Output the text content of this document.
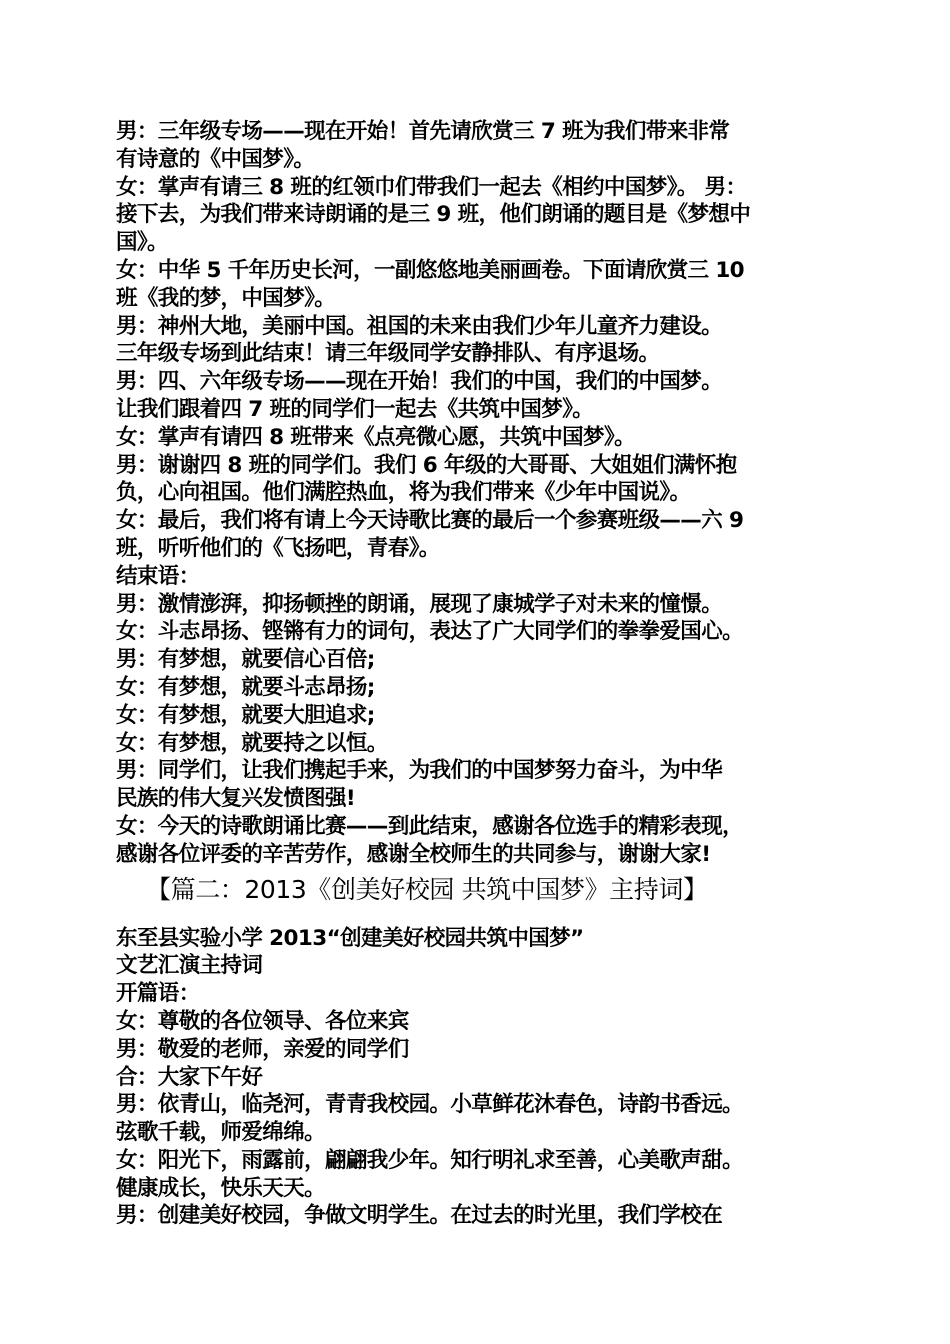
男：三年级专场——现在开始！首先请欣赏三 7 班为我们带来非常
有诗意的《中国梦》。
女：掌声有请三 8 班的红领巾们带我们一起去《相约中国梦》。 男：
接下去，为我们带来诗朗诵的是三 9 班，他们朗诵的题目是《梦想中
国》。
女：中华 5 千年历史长河，一副悠悠地美丽画卷。下面请欣赏三 10
班《我的梦，中国梦》。
男：神州大地，美丽中国。祖国的未来由我们少年儿童齐力建设。
三年级专场到此结束！请三年级同学安静排队、有序退场。
男：四、六年级专场——现在开始！我们的中国，我们的中国梦。
让我们跟着四 7 班的同学们一起去《共筑中国梦》。
女：掌声有请四 8 班带来《点亮微心愿，共筑中国梦》。
男：谢谢四 8 班的同学们。我们 6 年级的大哥哥、大姐姐们满怀抱
负，心向祖国。他们满腔热血，将为我们带来《少年中国说》。
女：最后，我们将有请上今天诗歌比赛的最后一个参赛班级——六 9
班，听听他们的《飞扬吧，青春》。
结束语：
男：激情澎湃，抑扬顿挫的朗诵，展现了康城学子对未来的憧憬。
女：斗志昂扬、铿锵有力的词句，表达了广大同学们的拳拳爱国心。
男：有梦想，就要信心百倍;
女：有梦想，就要斗志昂扬;
女：有梦想，就要大胆追求;
女：有梦想，就要持之以恒。
男：同学们，让我们携起手来，为我们的中国梦努力奋斗，为中华
民族的伟大复兴发愤图强!
女：今天的诗歌朗诵比赛——到此结束，感谢各位选手的精彩表现，
感谢各位评委的辛苦劳作，感谢全校师生的共同参与，谢谢大家!
【篇二：2013《创美好校园 共筑中国梦》主持词】
东至县实验小学 2013“创建美好校园共筑中国梦”
文艺汇演主持词
开篇语：
女：尊敬的各位领导、各位来宾
男：敬爱的老师，亲爱的同学们
合：大家下午好
男：依青山，临尧河，青青我校园。小草鲜花沐春色，诗韵书香远。
弦歌千载，师爱绵绵。
女：阳光下，雨露前，翩翩我少年。知行明礼求至善，心美歌声甜。
健康成长，快乐天天。
男：创建美好校园，争做文明学生。在过去的时光里，我们学校在
